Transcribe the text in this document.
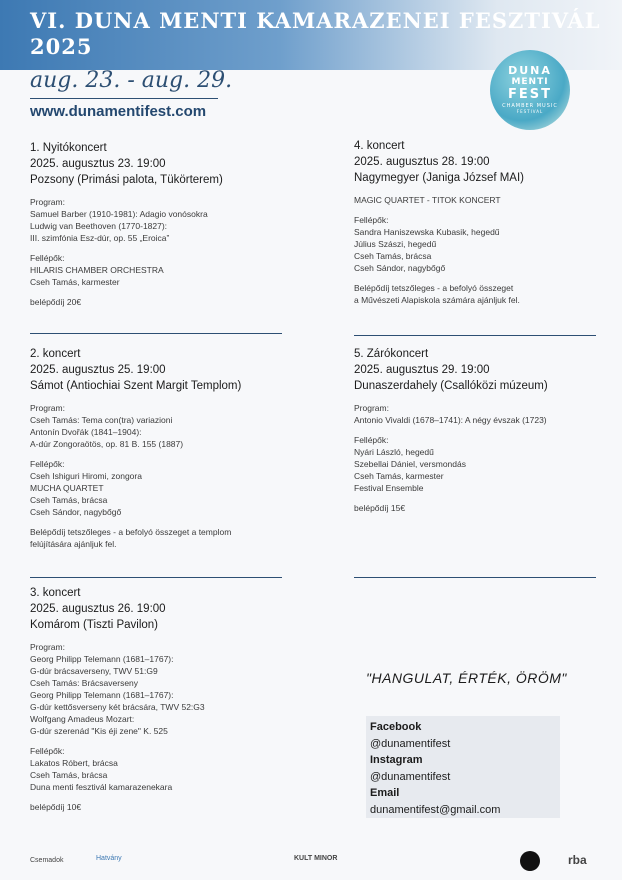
VI. DUNA MENTI KAMARAZENEI FESZTIVÁL
2025
aug. 23. - aug. 29.
www.dunamentifest.com
DUNA
MENTI
FEST
CHAMBER MUSIC
FESTIVAL
1. Nyitókoncert
2025. augusztus 23. 19:00
Pozsony (Primási palota, Tükörterem)
Program:
Samuel Barber (1910-1981): Adagio vonósokra
Ludwig van Beethoven (1770-1827):
III. szimfónia Esz-dúr, op. 55 „Eroica”
Fellépők:
HILARIS CHAMBER ORCHESTRA
Cseh Tamás, karmester
belépődíj 20€
2. koncert
2025. augusztus 25. 19:00
Sámot (Antiochiai Szent Margit Templom)
Program:
Cseh Tamás: Tema con(tra) variazioni
Antonín Dvořák (1841–1904):
A-dúr Zongoraötös, op. 81 B. 155 (1887)
Fellépők:
Cseh Ishiguri Hiromi, zongora
MUCHA QUARTET
Cseh Tamás, brácsa
Cseh Sándor, nagybőgő
Belépődíj tetszőleges - a befolyó összeget a templom
felújítására ajánljuk fel.
3. koncert
2025. augusztus 26. 19:00
Komárom (Tiszti Pavilon)
Program:
Georg Philipp Telemann (1681–1767):
G-dúr brácsaverseny, TWV 51:G9
Cseh Tamás: Brácsaverseny
Georg Philipp Telemann (1681–1767):
G-dúr kettősverseny két brácsára, TWV 52:G3
Wolfgang Amadeus Mozart:
G-dúr szerenád "Kis éji zene" K. 525
Fellépők:
Lakatos Róbert, brácsa
Cseh Tamás, brácsa
Duna menti fesztivál kamarazenekara
belépődíj 10€
4. koncert
2025. augusztus 28. 19:00
Nagymegyer (Janiga József MAI)
MAGIC QUARTET - TITOK KONCERT
Fellépők:
Sandra Haniszewska Kubasik, hegedű
Július Szászi, hegedű
Cseh Tamás, brácsa
Cseh Sándor, nagybőgő
Belépődíj tetszőleges - a befolyó összeget
a Művészeti Alapiskola számára ajánljuk fel.
5. Zárókoncert
2025. augusztus 29. 19:00
Dunaszerdahely (Csallóközi múzeum)
Program:
Antonio Vivaldi (1678–1741): A négy évszak (1723)
Fellépők:
Nyári László, hegedű
Szebellai Dániel, versmondás
Cseh Tamás, karmester
Festival Ensemble
belépődíj 15€
"HANGULAT, ÉRTÉK, ÖRÖM"
Facebook
@dunamentifest
Instagram
@dunamentifest
Email
dunamentifest@gmail.com
Csemadok	Hatvány	KULT MINOR	rba
